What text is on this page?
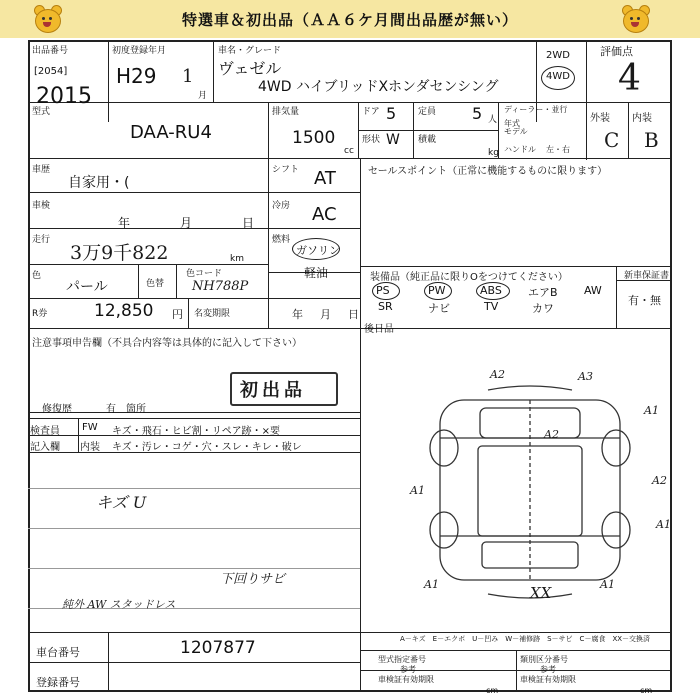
特選車＆初出品（ＡＡ６ケ月間出品歴が無い）
出品番号
[2054]
2015
初度登録年月
H29 1
月
車名・グレード
ヴェゼル
4WD ハイブリッドXホンダセンシング
2WD
4WD
評価点
4
外装 内装
C B
型式
DAA-RU4
排気量
1500
cc
ドア 5 定員 5 人
形状 W 積載
kg
ディーラー・並行
年式
モデル
ハンドル 左・右
車歴
自家用・(
シフト AT
車検
年	月	日
冷房 AC
走行
3万9千822	km
燃料
ガソリン
軽油
色
パール	色替
色コード
NH788P
R券	12,850 円 名変期限	年 月 日
セールスポイント（正常に機能するものに限ります）
装備品（純正品に限りOをつけてください）
PS	PW	ABS エアB AW
SR	ナビ	TV	カワ
新車保証書
有・無
後日品
注意事項申告欄（不具合内容等は具体的に記入して下さい）
初出品
修復歴	有 箇所
検査員
記入欄
FW キズ・飛石・ヒビ割・リペア跡・×要
内装 キズ・汚レ・コゲ・穴・スレ・キレ・破レ
キズ U
下回りサビ
純外 AW スタッドレス
A2	A3
A1
A2
A1
A2
A1
A1	A1
XX
A－キズ　E－エクボ　U－凹み　W－補修跡　S－サビ　C－腐食　XX－交換済
車台番号	1207877
登録番号
型式指定番号	類別区分番号
参考	参考
車検証有効期限	車検証有効期限
cm	cm
